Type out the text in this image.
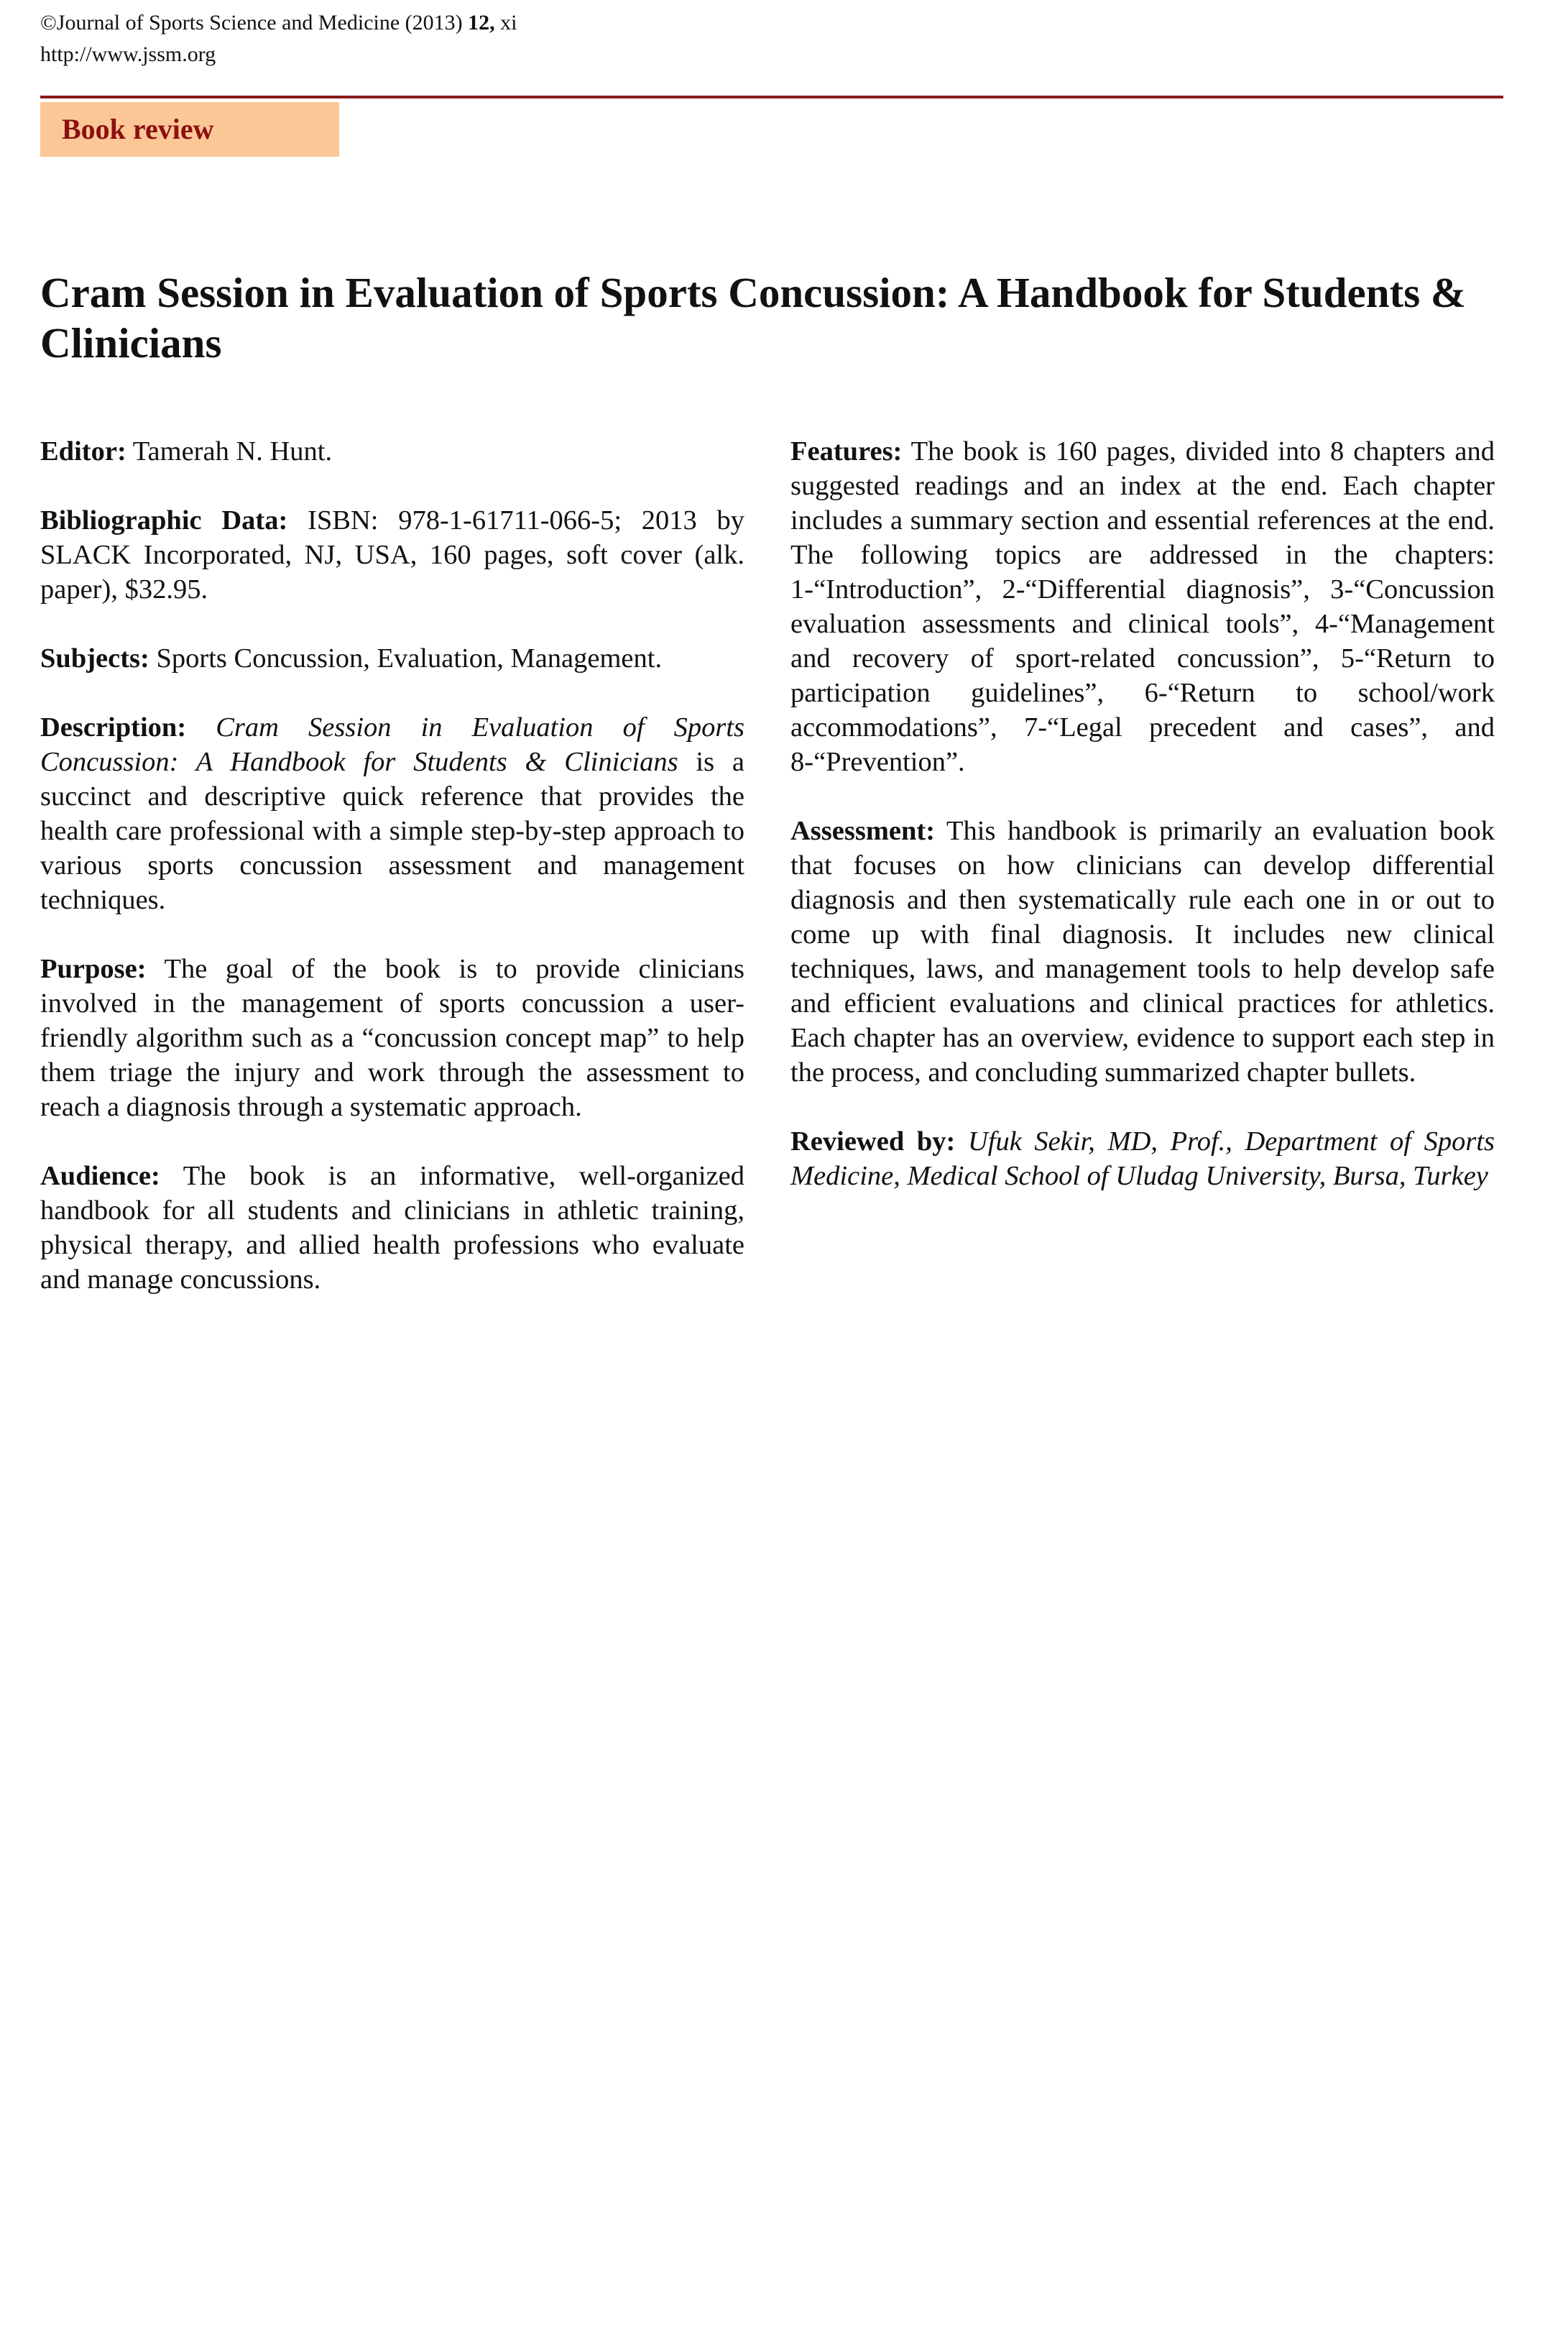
©Journal of Sports Science and Medicine (2013) 12, xi
http://www.jssm.org
Book review
Cram Session in Evaluation of Sports Concussion: A Handbook for Students & Clinicians

Editor: Tamerah N. Hunt.

Bibliographic Data: ISBN: 978-1-61711-066-5; 2013 by SLACK Incorporated, NJ, USA, 160 pages, soft cover (alk. paper), $32.95.

Subjects: Sports Concussion, Evaluation, Management.

Description: Cram Session in Evaluation of Sports Concussion: A Handbook for Students & Clinicians is a succinct and descriptive quick reference that provides the health care professional with a simple step-by-step approach to various sports concussion assessment and management techniques.

Purpose: The goal of the book is to provide clinicians involved in the management of sports concussion a user-friendly algorithm such as a “concussion concept map” to help them triage the injury and work through the assessment to reach a diagnosis through a systematic approach.

Audience: The book is an informative, well-organized handbook for all students and clinicians in athletic training, physical therapy, and allied health professions who evaluate and manage concussions.

Features: The book is 160 pages, divided into 8 chapters and suggested readings and an index at the end. Each chapter includes a summary section and essential references at the end. The following topics are addressed in the chapters: 1-“Introduction”, 2-“Differential diagnosis”, 3-“Concussion evaluation assessments and clinical tools”, 4-“Management and recovery of sport-related concussion”, 5-“Return to participation guidelines”, 6-“Return to school/work accommodations”, 7-“Legal precedent and cases”, and 8-“Prevention”.

Assessment: This handbook is primarily an evaluation book that focuses on how clinicians can develop differential diagnosis and then systematically rule each one in or out to come up with final diagnosis. It includes new clinical techniques, laws, and management tools to help develop safe and efficient evaluations and clinical practices for athletics. Each chapter has an overview, evidence to support each step in the process, and concluding summarized chapter bullets.

Reviewed by: Ufuk Sekir, MD, Prof., Department of Sports Medicine, Medical School of Uludag University, Bursa, Turkey
